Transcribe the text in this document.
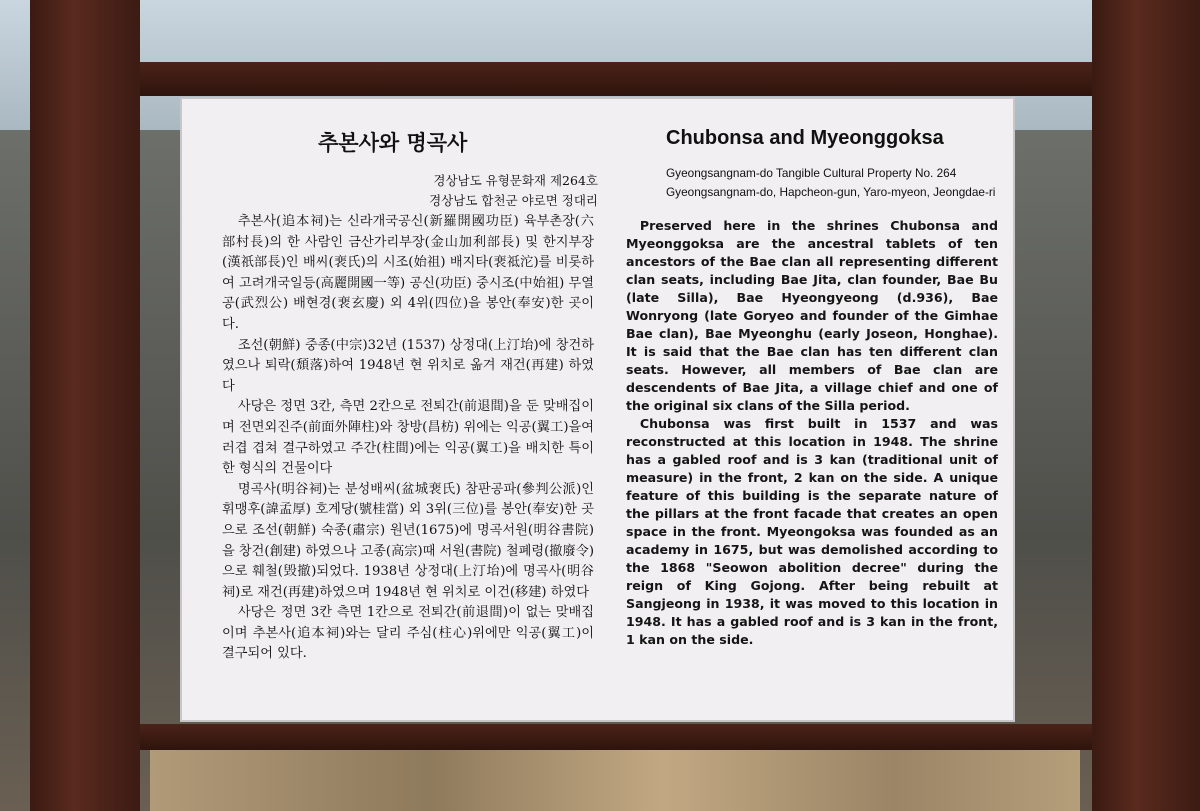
추본사와 명곡사
경상남도 유형문화재 제264호
경상남도 합천군 야로면 정대리

추본사(追本祠)는 신라개국공신(新羅開國功臣) 육부촌장(六部村長)의 한 사람인 금산가리부장(金山加利部長) 및 한지부장(漢祇部長)인 배씨(裵氏)의 시조(始祖) 배지타(裵祗沱)를 비롯하여 고려개국일등(高麗開國一等) 공신(功臣) 중시조(中始祖) 무열공(武烈公) 배현경(裵玄慶) 외 4위(四位)을 봉안(奉安)한 곳이다.

조선(朝鮮) 중종(中宗)32년 (1537) 상정대(上汀坮)에 창건하였으나 퇴락(頹落)하여 1948년 현 위치로 옮겨 재건(再建) 하였다

사당은 정면 3칸, 측면 2칸으로 전퇴간(前退間)을 둔 맞배집이며 전면외진주(前面外陣柱)와 창방(昌枋) 위에는 익공(翼工)을여러겹 겹쳐 결구하였고 주간(柱間)에는 익공(翼工)을 배치한 특이한 형식의 건물이다

명곡사(明谷祠)는 분성배씨(盆城裵氏) 참판공파(參判公派)인 휘맹후(諱孟厚) 호계당(號桂當) 외 3위(三位)를 봉안(奉安)한 곳으로 조선(朝鮮) 숙종(肅宗) 원년(1675)에 명곡서원(明谷書院)을 창건(創建) 하였으나 고종(高宗)때 서원(書院) 철폐령(撤廢令)으로 훼철(毁撤)되었다. 1938년 상정대(上汀坮)에 명곡사(明谷祠)로 재건(再建)하였으며 1948년 현 위치로 이건(移建) 하였다

사당은 정면 3칸 측면 1칸으로 전퇴간(前退間)이 없는 맞배집이며 추본사(追本祠)와는 달리 주심(柱心)위에만 익공(翼工)이 결구되어 있다.

Chubonsa and Myeonggoksa
Gyeongsangnam-do Tangible Cultural Property No. 264
Gyeongsangnam-do, Hapcheon-gun, Yaro-myeon, Jeongdae-ri

Preserved here in the shrines Chubonsa and Myeonggoksa are the ancestral tablets of ten ancestors of the Bae clan all representing different clan seats, including Bae Jita, clan founder, Bae Bu (late Silla), Bae Hyeongyeong (d.936), Bae Wonryong (late Goryeo and founder of the Gimhae Bae clan), Bae Myeonghu (early Joseon, Honghae). It is said that the Bae clan has ten different clan seats. However, all members of Bae clan are descendents of Bae Jita, a village chief and one of the original six clans of the Silla period.

Chubonsa was first built in 1537 and was reconstructed at this location in 1948. The shrine has a gabled roof and is 3 kan (traditional unit of measure) in the front, 2 kan on the side. A unique feature of this building is the separate nature of the pillars at the front facade that creates an open space in the front. Myeongoksa was founded as an academy in 1675, but was demolished according to the 1868 "Seowon abolition decree" during the reign of King Gojong. After being rebuilt at Sangjeong in 1938, it was moved to this location in 1948. It has a gabled roof and is 3 kan in the front, 1 kan on the side.
